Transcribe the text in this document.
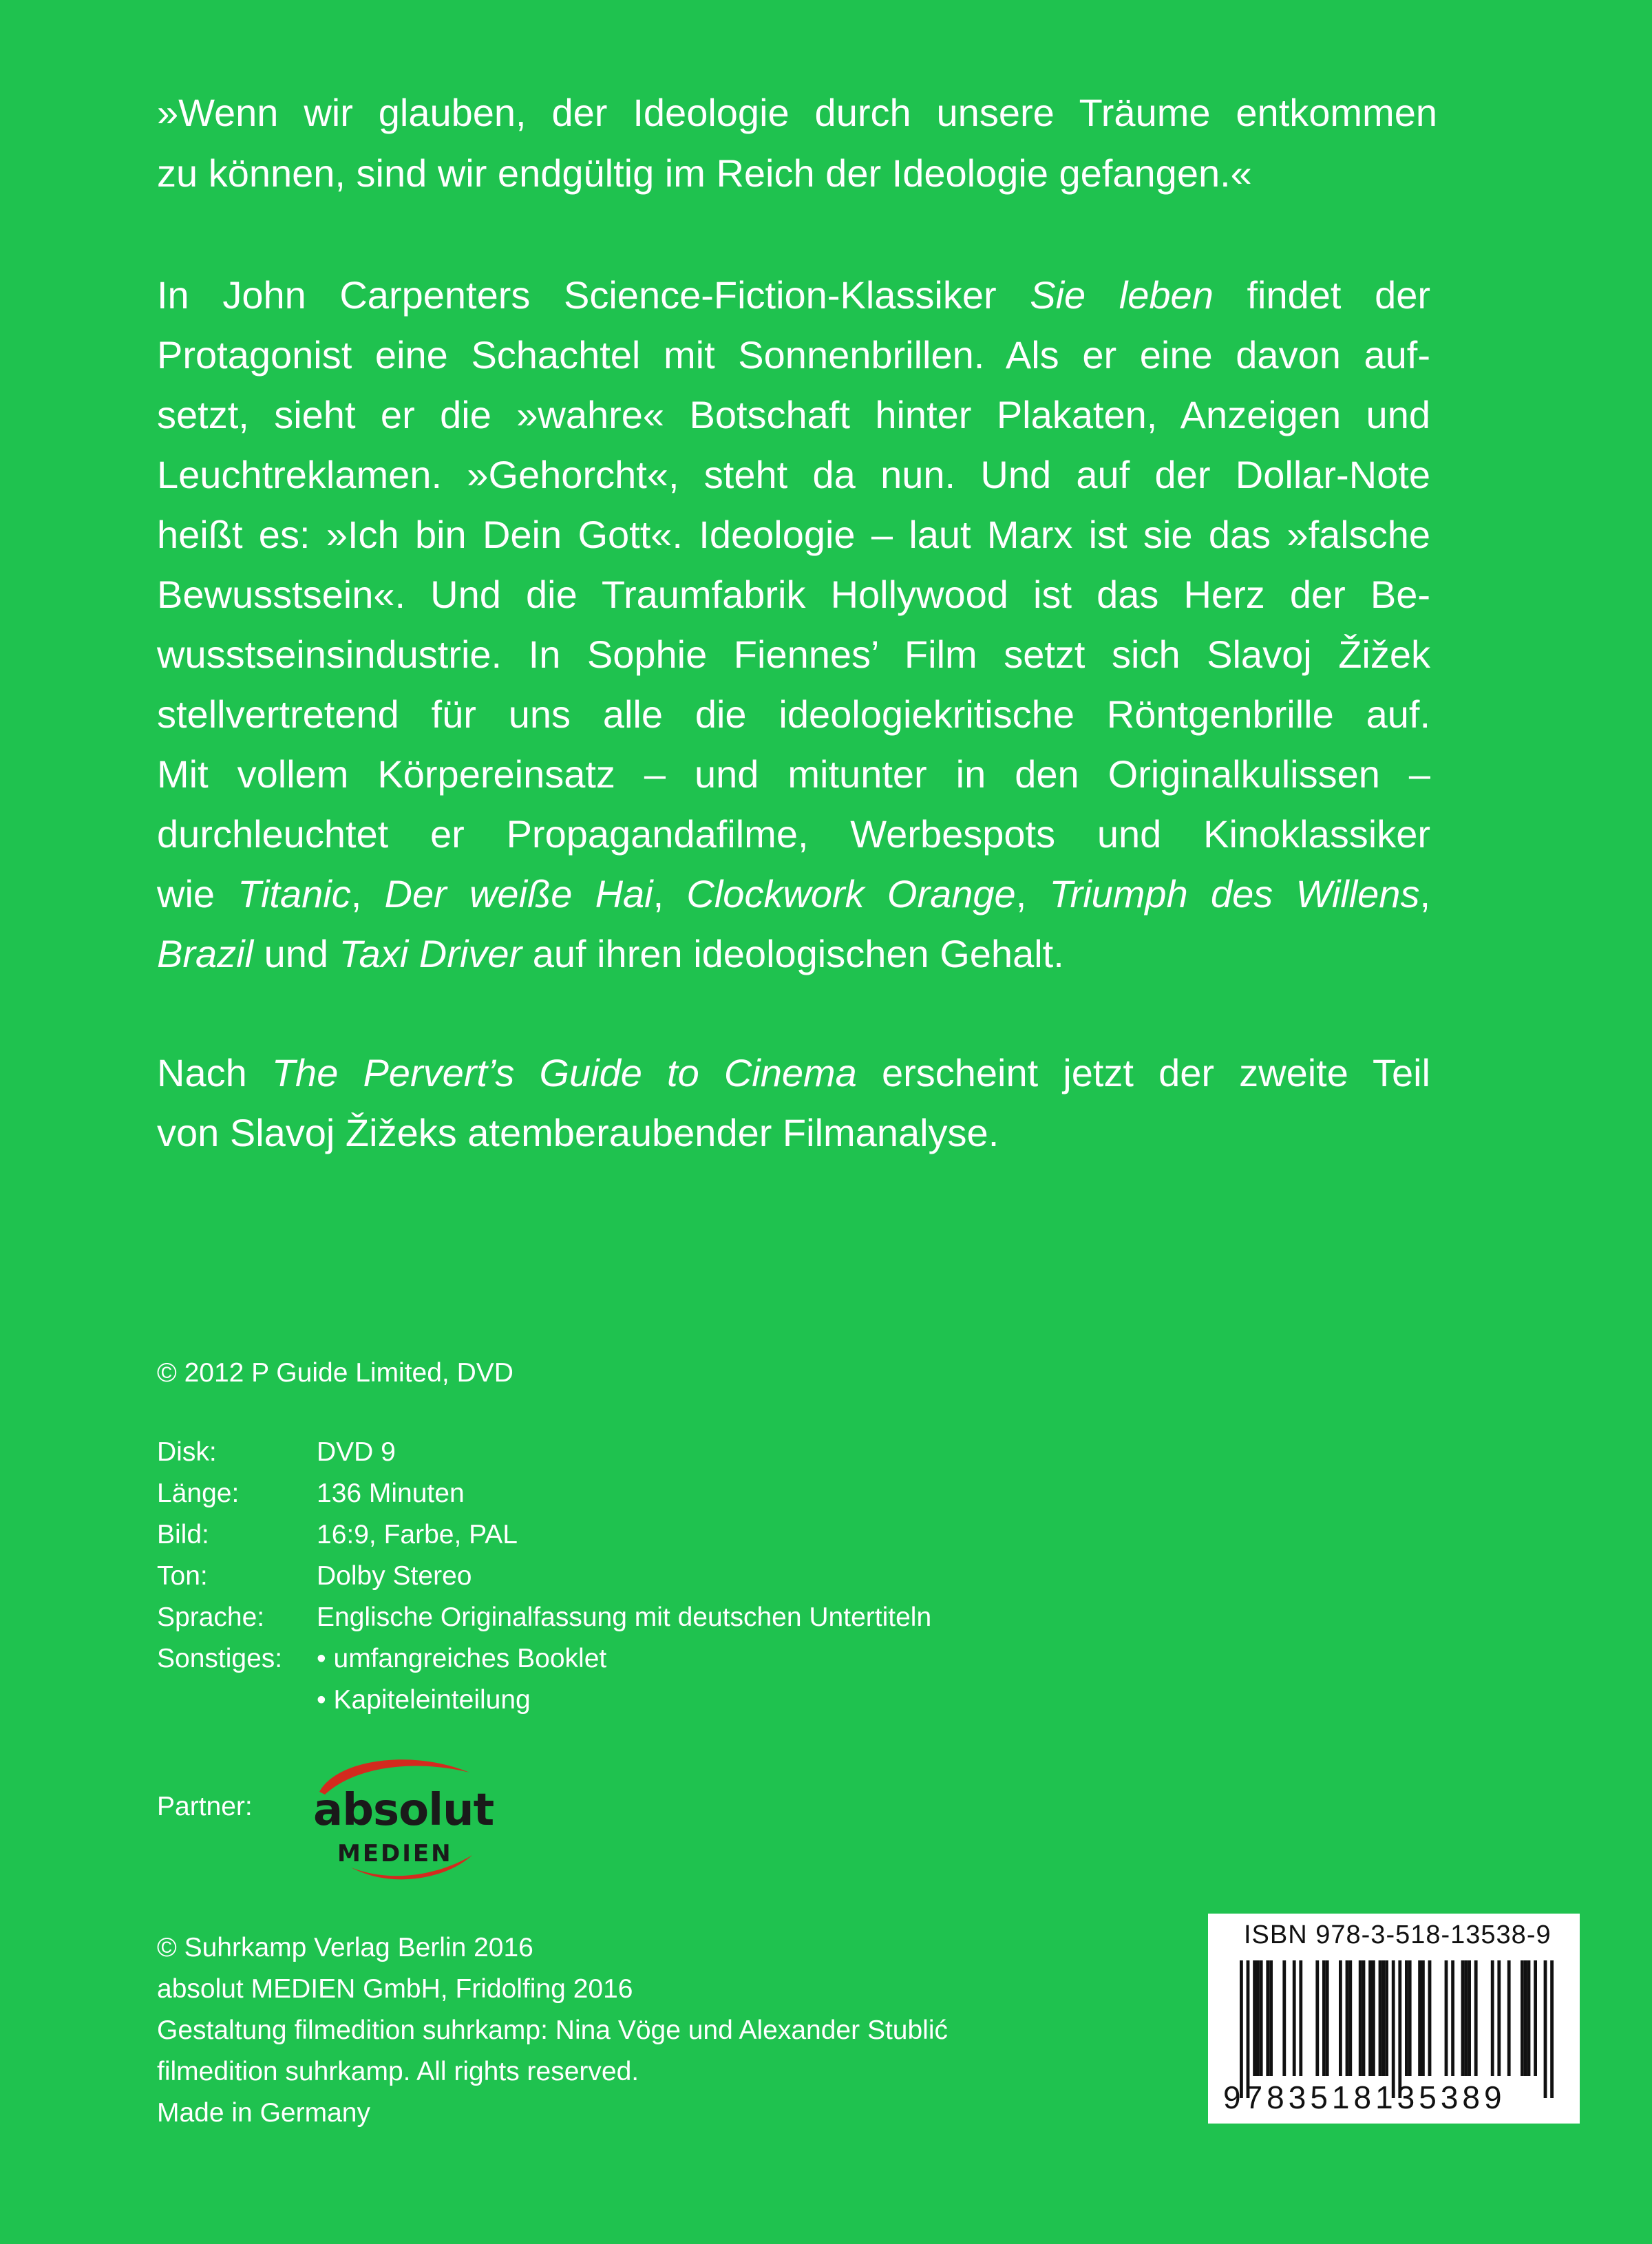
»Wenn wir glauben, der Ideologie durch unsere Träume entkommen
zu können, sind wir endgültig im Reich der Ideologie gefangen.«

In John Carpenters Science-Fiction-Klassiker Sie leben findet der
Protagonist eine Schachtel mit Sonnenbrillen. Als er eine davon auf-
setzt, sieht er die »wahre« Botschaft hinter Plakaten, Anzeigen und
Leuchtreklamen. »Gehorcht«, steht da nun. Und auf der Dollar-Note
heißt es: »Ich bin Dein Gott«. Ideologie – laut Marx ist sie das »falsche
Bewusstsein«. Und die Traumfabrik Hollywood ist das Herz der Be-
wusstseinsindustrie. In Sophie Fiennes’ Film setzt sich Slavoj Žižek
stellvertretend für uns alle die ideologiekritische Röntgenbrille auf.
Mit vollem Körpereinsatz – und mitunter in den Originalkulissen –
durchleuchtet er Propagandafilme, Werbespots und Kinoklassiker
wie Titanic, Der weiße Hai, Clockwork Orange, Triumph des Willens,
Brazil und Taxi Driver auf ihren ideologischen Gehalt.

Nach The Pervert’s Guide to Cinema erscheint jetzt der zweite Teil
von Slavoj Žižeks atemberaubender Filmanalyse.

© 2012 P Guide Limited, DVD
Disk:	DVD 9
Länge:	136 Minuten
Bild:	16:9, Farbe, PAL
Ton:	Dolby Stereo
Sprache:	Englische Originalfassung mit deutschen Untertiteln
Sonstiges:
•	umfangreiches Booklet
• Kapiteleinteilung
Partner: absolut
MEDIEN
© Suhrkamp Verlag Berlin 2016
absolut MEDIEN GmbH, Fridolfing 2016
Gestaltung filmedition suhrkamp: Nina Vöge und Alexander Stublić
filmedition suhrkamp. All rights reserved.
Made in Germany
ISBN 978-3-518-13538-9
9783518135389
